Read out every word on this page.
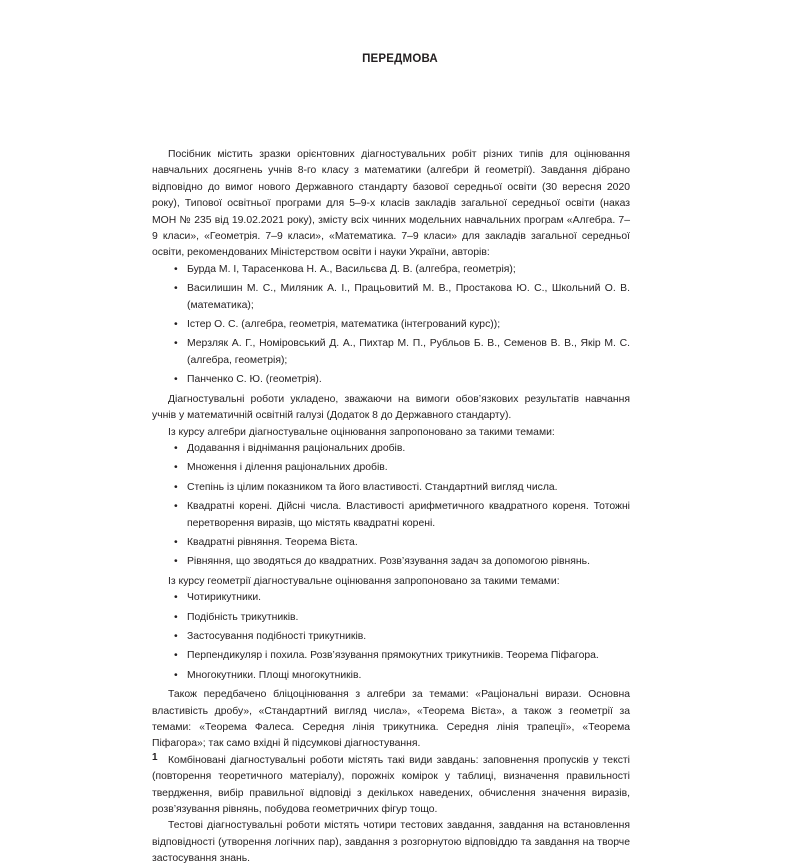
ПЕРЕДМОВА

Посібник містить зразки орієнтовних діагностувальних робіт різних типів для оцінювання навчальних досягнень учнів 8-го класу з математики (алгебри й геометрії). Завдання дібрано відповідно до вимог нового Державного стандарту базової середньої освіти (30 вересня 2020 року), Типової освітньої програми для 5–9-х класів закладів загальної середньої освіти (наказ МОН № 235 від 19.02.2021 року), змісту всіх чинних модельних навчальних програм «Алгебра. 7–9 класи», «Геометрія. 7–9 класи», «Математика. 7–9 класи» для закладів загальної середньої освіти, рекомендованих Міністерством освіти і науки України, авторів:

• Бурда М. І, Тарасенкова Н. А., Васильєва Д. В. (алгебра, геометрія);
• Василишин М. С., Миляник А. І., Працьовитий М. В., Простакова Ю. С., Школьний О. В. (математика);
• Істер О. С. (алгебра, геометрія, математика (інтегрований курс));
• Мерзляк А. Г., Номіровський Д. А., Пихтар М. П., Рубльов Б. В., Семенов В. В., Якір М. С. (алгебра, геометрія);
• Панченко С. Ю. (геометрія).

Діагностувальні роботи укладено, зважаючи на вимоги обов’язкових результатів навчання учнів у математичній освітній галузі (Додаток 8 до Державного стандарту).

Із курсу алгебри діагностувальне оцінювання запропоновано за такими темами:

• Додавання і віднімання раціональних дробів.
• Множення і ділення раціональних дробів.
• Степінь із цілим показником та його властивості. Стандартний вигляд числа.
• Квадратні корені. Дійсні числа. Властивості арифметичного квадратного кореня. Тотожні перетворення виразів, що містять квадратні корені.
• Квадратні рівняння. Теорема Вієта.
• Рівняння, що зводяться до квадратних. Розв’язування задач за допомогою рівнянь.

Із курсу геометрії діагностувальне оцінювання запропоновано за такими темами:

• Чотирикутники.
• Подібність трикутників.
• Застосування подібності трикутників.
• Перпендикуляр і похила. Розв’язування прямокутних трикутників. Теорема Піфагора.
• Многокутники. Площі многокутників.

Також передбачено бліцоцінювання з алгебри за темами: «Раціональні вирази. Основна властивість дробу», «Стандартний вигляд числа», «Теорема Вієта», а також з геометрії за темами: «Теорема Фалеса. Середня лінія трикутника. Середня лінія трапеції», «Теорема Піфагора»; так само вхідні й підсумкові діагностування.

Комбіновані діагностувальні роботи містять такі види завдань: заповнення пропусків у тексті (повторення теоретичного матеріалу), порожніх комірок у таблиці, визначення правильності твердження, вибір правильної відповіді з декількох наведених, обчислення значення виразів, розв’язування рівнянь, побудова геометричних фігур тощо.

Тестові діагностувальні роботи містять чотири тестових завдання, завдання на встановлення відповідності (утворення логічних пар), завдання з розгорнутою відповіддю та завдання на творче застосування знань.

1
